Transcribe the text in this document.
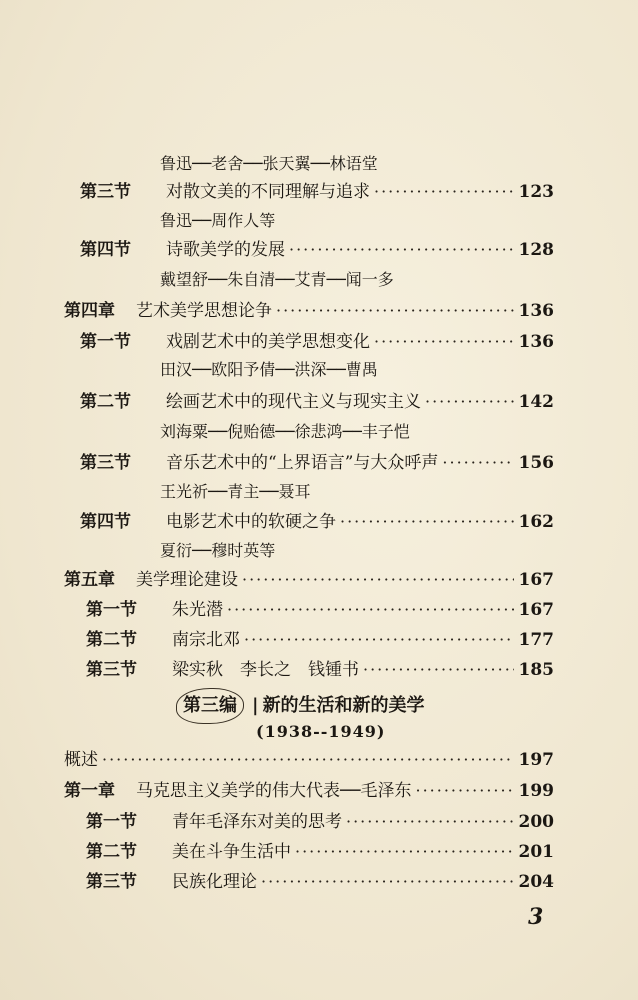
鲁迅──老舍──张天翼──林语堂
第三节	对散文美的不同理解与追求 ·····	123
鲁迅──周作人等
第四节	诗歌美学的发展 ·····	128
戴望舒──朱自清──艾青──闻一多
第四章	艺术美学思想论争 ·····	136
第一节	戏剧艺术中的美学思想变化 ·····	136
田汉──欧阳予倩──洪深──曹禺
第二节	绘画艺术中的现代主义与现实主义 ·····	142
刘海粟──倪贻德──徐悲鸿──丰子恺
第三节	音乐艺术中的“上界语言”与大众呼声 ·····	156
王光祈──青主──聂耳
第四节	电影艺术中的软硬之争 ·····	162
夏衍──穆时英等
第五章	美学理论建设 ·····	167
第一节	朱光潜 ·····	167
第二节	南宗北邓 ·····	177
第三节	梁实秋　李长之　钱锺书 ·····	185
第三编 | 新的生活和新的美学
(1938--1949)
概述 ·····	197
第一章	马克思主义美学的伟大代表──毛泽东 ·····	199
第一节	青年毛泽东对美的思考 ·····	200
第二节	美在斗争生活中 ·····	201
第三节	民族化理论 ·····	204
3
